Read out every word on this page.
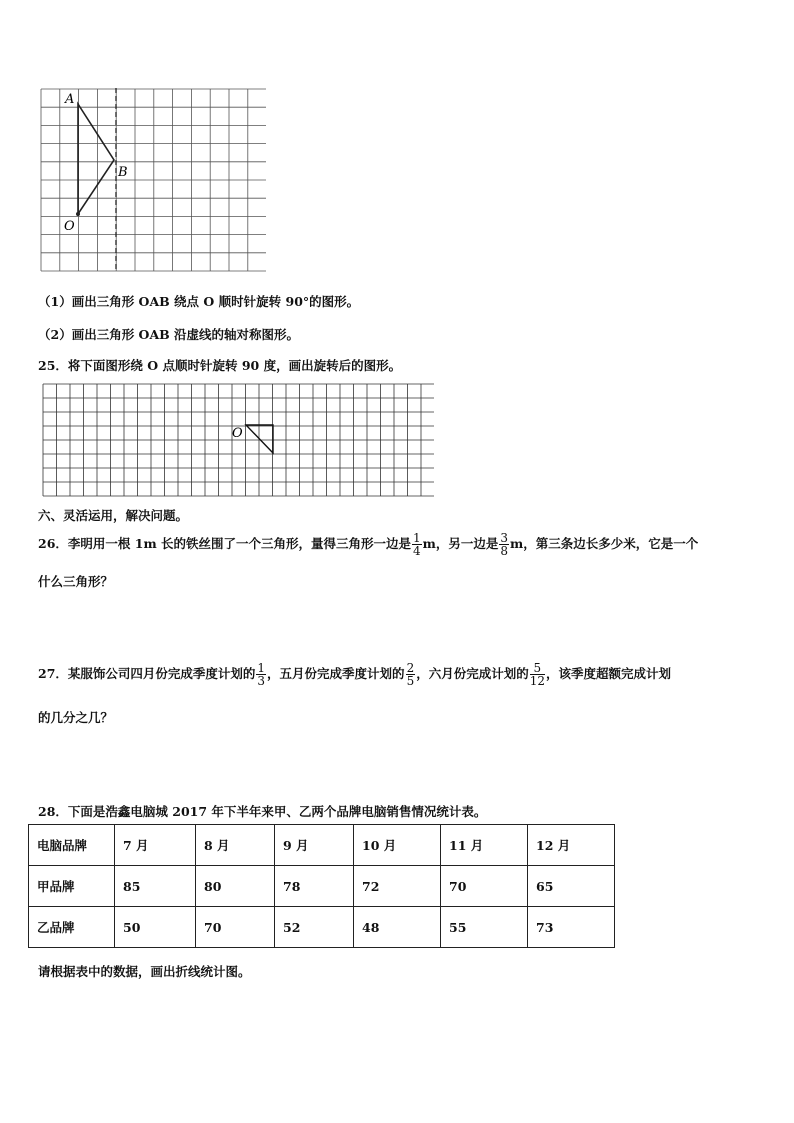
A
B
O
（1）画出三角形 OAB 绕点 O 顺时针旋转 90°的图形。
（2）画出三角形 OAB 沿虚线的轴对称图形。
25．将下面图形绕 O 点顺时针旋转 90 度，画出旋转后的图形。
O
六、灵活运用，解决问题。
26．李明用一根 1m 长的铁丝围了一个三角形，量得三角形一边是 $\frac{1}{4}$ m，另一边是 $\frac{3}{8}$ m，第三条边长多少米，它是一个
什么三角形？
27．某服饰公司四月份完成季度计划的 $\frac{1}{3}$ ，五月份完成季度计划的 $\frac{2}{5}$ ，六月份完成计划的 $\frac{5}{12}$ ，该季度超额完成计划
的几分之几？
28．下面是浩鑫电脑城 2017 年下半年来甲、乙两个品牌电脑销售情况统计表。
电脑品牌	7 月	8 月	9 月	10 月	11 月	12 月
甲品牌	85	80	78	72	70	65
乙品牌	50	70	52	48	55	73
请根据表中的数据，画出折线统计图。
